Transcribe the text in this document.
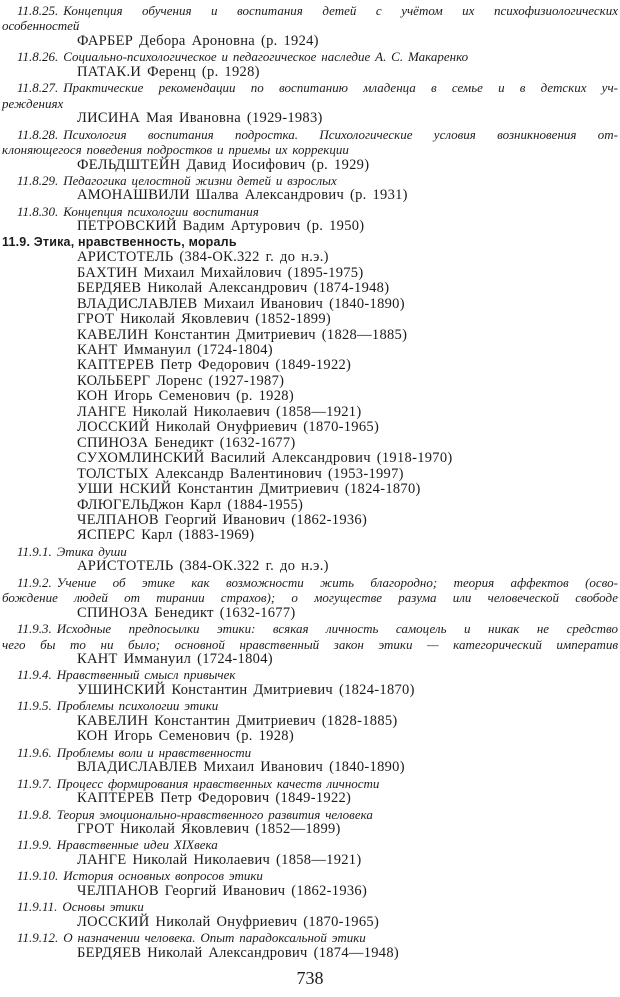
11.8.25. Концепция обучения и воспитания детей с учётом их психофизиологических
особенностей
ФАРБЕР Дебора Ароновна (р. 1924)
11.8.26. Социально-психологическое и педагогическое наследие А. С. Макаренко
ПАТАК.И Ференц (р. 1928)
11.8.27. Практические рекомендации по воспитанию младенца в семье и в детских уч-
реждениях
ЛИСИНА Мая Ивановна (1929-1983)
11.8.28. Психология воспитания подростка. Психологические условия возникновения от-
клоняющегося поведения подростков и приемы их коррекции
ФЕЛЬДШТЕЙН Давид Иосифович (р. 1929)
11.8.29. Педагогика целостной жизни детей и взрослых
АМОНАШВИЛИ Шалва Александрович (р. 1931)
11.8.30. Концепция психологии воспитания
ПЕТРОВСКИЙ Вадим Артурович (р. 1950)
11.9. Этика, нравственность, мораль
АРИСТОТЕЛЬ (384-ОК.322 г. до н.э.)
БАХТИН Михаил Михайлович (1895-1975)
БЕРДЯЕВ Николай Александрович (1874-1948)
ВЛАДИСЛАВЛЕВ Михаил Иванович (1840-1890)
ГРОТ Николай Яковлевич (1852-1899)
КАВЕЛИН Константин Дмитриевич (1828—1885)
КАНТ Иммануил (1724-1804)
КАПТЕРЕВ Петр Федорович (1849-1922)
КОЛЬБЕРГ Лоренс (1927-1987)
КОН Игорь Семенович (р. 1928)
ЛАНГЕ Николай Николаевич (1858—1921)
ЛОССКИЙ Николай Онуфриевич (1870-1965)
СПИНОЗА Бенедикт (1632-1677)
СУХОМЛИНСКИЙ Василий Александрович (1918-1970)
ТОЛСТЫХ Александр Валентинович (1953-1997)
УШИ НСКИЙ Константин Дмитриевич (1824-1870)
ФЛЮГЕЛЬДжон Карл (1884-1955)
ЧЕЛПАНОВ Георгий Иванович (1862-1936)
ЯСПЕРС Карл (1883-1969)
11.9.1. Этика души
АРИСТОТЕЛЬ (384-ОК.322 г. до н.э.)
11.9.2. Учение об этике как возможности жить благородно; теория аффектов (осво-
бождение людей от тирании страхов); о могуществе разума или человеческой свободе
СПИНОЗА Бенедикт (1632-1677)
11.9.3. Исходные предпосылки этики: всякая личность самоцель и никак не средство
чего бы то ни было; основной нравственный закон этики — категорический императив
КАНТ Иммануил (1724-1804)
11.9.4. Нравственный смысл привычек
УШИНСКИЙ Константин Дмитриевич (1824-1870)
11.9.5. Проблемы психологии этики
КАВЕЛИН Константин Дмитриевич (1828-1885)
КОН Игорь Семенович (р. 1928)
11.9.6. Проблемы воли и нравственности
ВЛАДИСЛАВЛЕВ Михаил Иванович (1840-1890)
11.9.7. Процесс формирования нравственных качеств личности
КАПТЕРЕВ Петр Федорович (1849-1922)
11.9.8. Теория эмоционально-нравственного развития человека
ГРОТ Николай Яковлевич (1852—1899)
11.9.9. Нравственные идеи XIXвека
ЛАНГЕ Николай Николаевич (1858—1921)
11.9.10. История основных вопросов этики
ЧЕЛПАНОВ Георгий Иванович (1862-1936)
11.9.11. Основы этики
ЛОССКИЙ Николай Онуфриевич (1870-1965)
11.9.12. О назначении человека. Опыт парадоксальной этики
БЕРДЯЕВ Николай Александрович (1874—1948)
738
